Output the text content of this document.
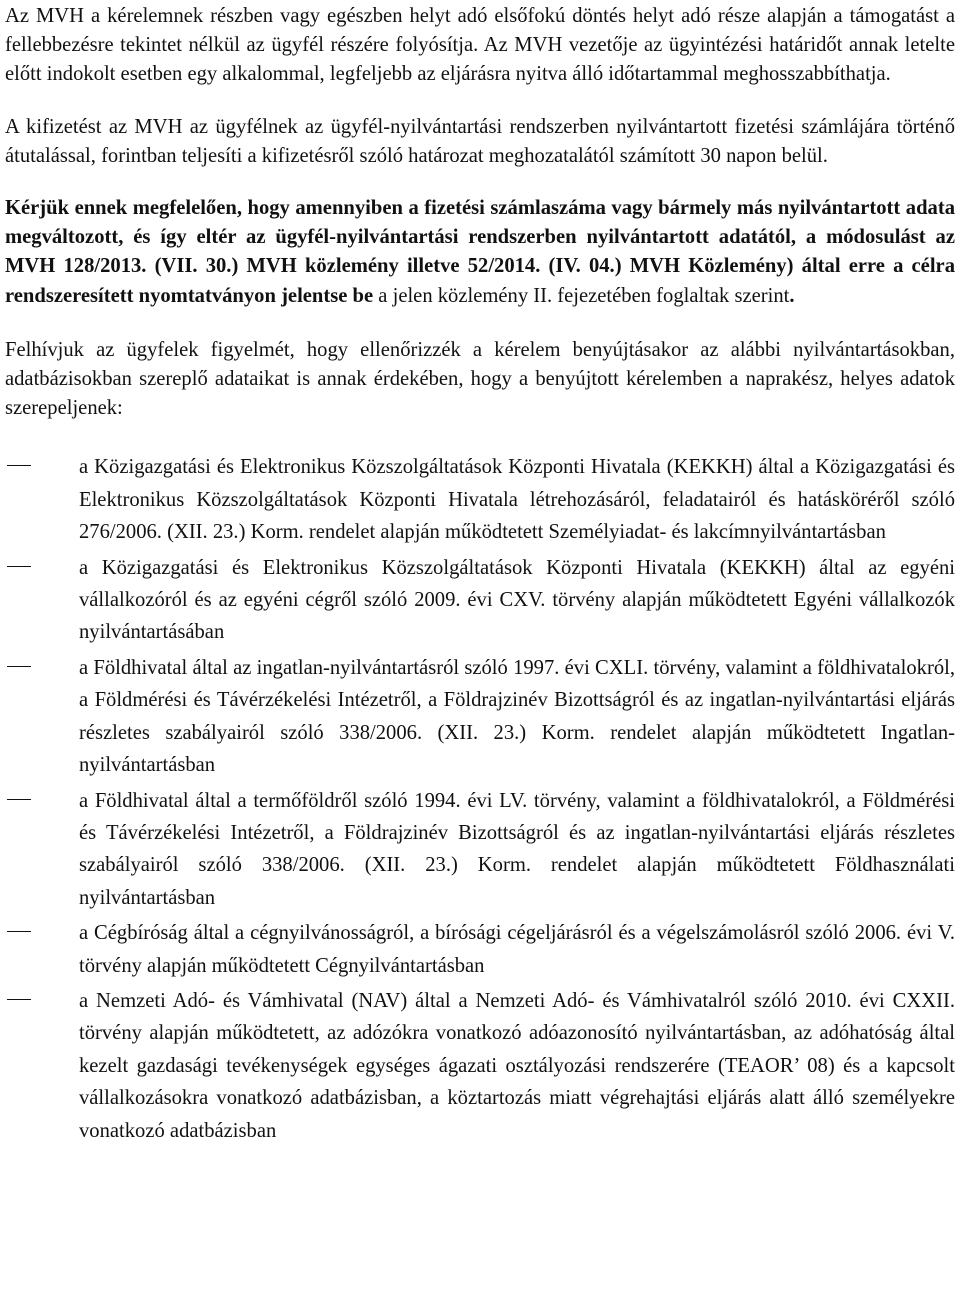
Az MVH a kérelemnek részben vagy egészben helyt adó elsőfokú döntés helyt adó része alapján a támogatást a fellebbezésre tekintet nélkül az ügyfél részére folyósítja. Az MVH vezetője az ügyintézési határidőt annak letelte előtt indokolt esetben egy alkalommal, legfeljebb az eljárásra nyitva álló időtartammal meghosszabbíthatja.

A kifizetést az MVH az ügyfélnek az ügyfél-nyilvántartási rendszerben nyilvántartott fizetési számlájára történő átutalással, forintban teljesíti a kifizetésről szóló határozat meghozatalától számított 30 napon belül.

Kérjük ennek megfelelően, hogy amennyiben a fizetési számlaszáma vagy bármely más nyilvántartott adata megváltozott, és így eltér az ügyfél-nyilvántartási rendszerben nyilvántartott adatától, a módosulást az MVH 128/2013. (VII. 30.) MVH közlemény illetve 52/2014. (IV. 04.) MVH Közlemény) által erre a célra rendszeresített nyomtatványon jelentse be a jelen közlemény II. fejezetében foglaltak szerint.

Felhívjuk az ügyfelek figyelmét, hogy ellenőrizzék a kérelem benyújtásakor az alábbi nyilvántartásokban, adatbázisokban szereplő adataikat is annak érdekében, hogy a benyújtott kérelemben a naprakész, helyes adatok szerepeljenek:

a Közigazgatási és Elektronikus Közszolgáltatások Központi Hivatala (KEKKH) által a Közigazgatási és Elektronikus Közszolgáltatások Központi Hivatala létrehozásáról, feladatairól és hatásköréről szóló 276/2006. (XII. 23.) Korm. rendelet alapján működtetett Személyiadat- és lakcímnyilvántartásban
a Közigazgatási és Elektronikus Közszolgáltatások Központi Hivatala (KEKKH) által az egyéni vállalkozóról és az egyéni cégről szóló 2009. évi CXV. törvény alapján működtetett Egyéni vállalkozók nyilvántartásában
a Földhivatal által az ingatlan-nyilvántartásról szóló 1997. évi CXLI. törvény, valamint a földhivatalokról, a Földmérési és Távérzékelési Intézetről, a Földrajzinév Bizottságról és az ingatlan-nyilvántartási eljárás részletes szabályairól szóló 338/2006. (XII. 23.) Korm. rendelet alapján működtetett Ingatlan-nyilvántartásban
a Földhivatal által a termőföldről szóló 1994. évi LV. törvény, valamint a földhivatalokról, a Földmérési és Távérzékelési Intézetről, a Földrajzinév Bizottságról és az ingatlan-nyilvántartási eljárás részletes szabályairól szóló 338/2006. (XII. 23.) Korm. rendelet alapján működtetett Földhasználati nyilvántartásban
a Cégbíróság által a cégnyilvánosságról, a bírósági cégeljárásról és a végelszámolásról szóló 2006. évi V. törvény alapján működtetett Cégnyilvántartásban
a Nemzeti Adó- és Vámhivatal (NAV) által a Nemzeti Adó- és Vámhivatalról szóló 2010. évi CXXII. törvény alapján működtetett, az adózókra vonatkozó adóazonosító nyilvántartásban, az adóhatóság által kezelt gazdasági tevékenységek egységes ágazati osztályozási rendszerére (TEAOR’ 08) és a kapcsolt vállalkozásokra vonatkozó adatbázisban, a köztartozás miatt végrehajtási eljárás alatt álló személyekre vonatkozó adatbázisban
